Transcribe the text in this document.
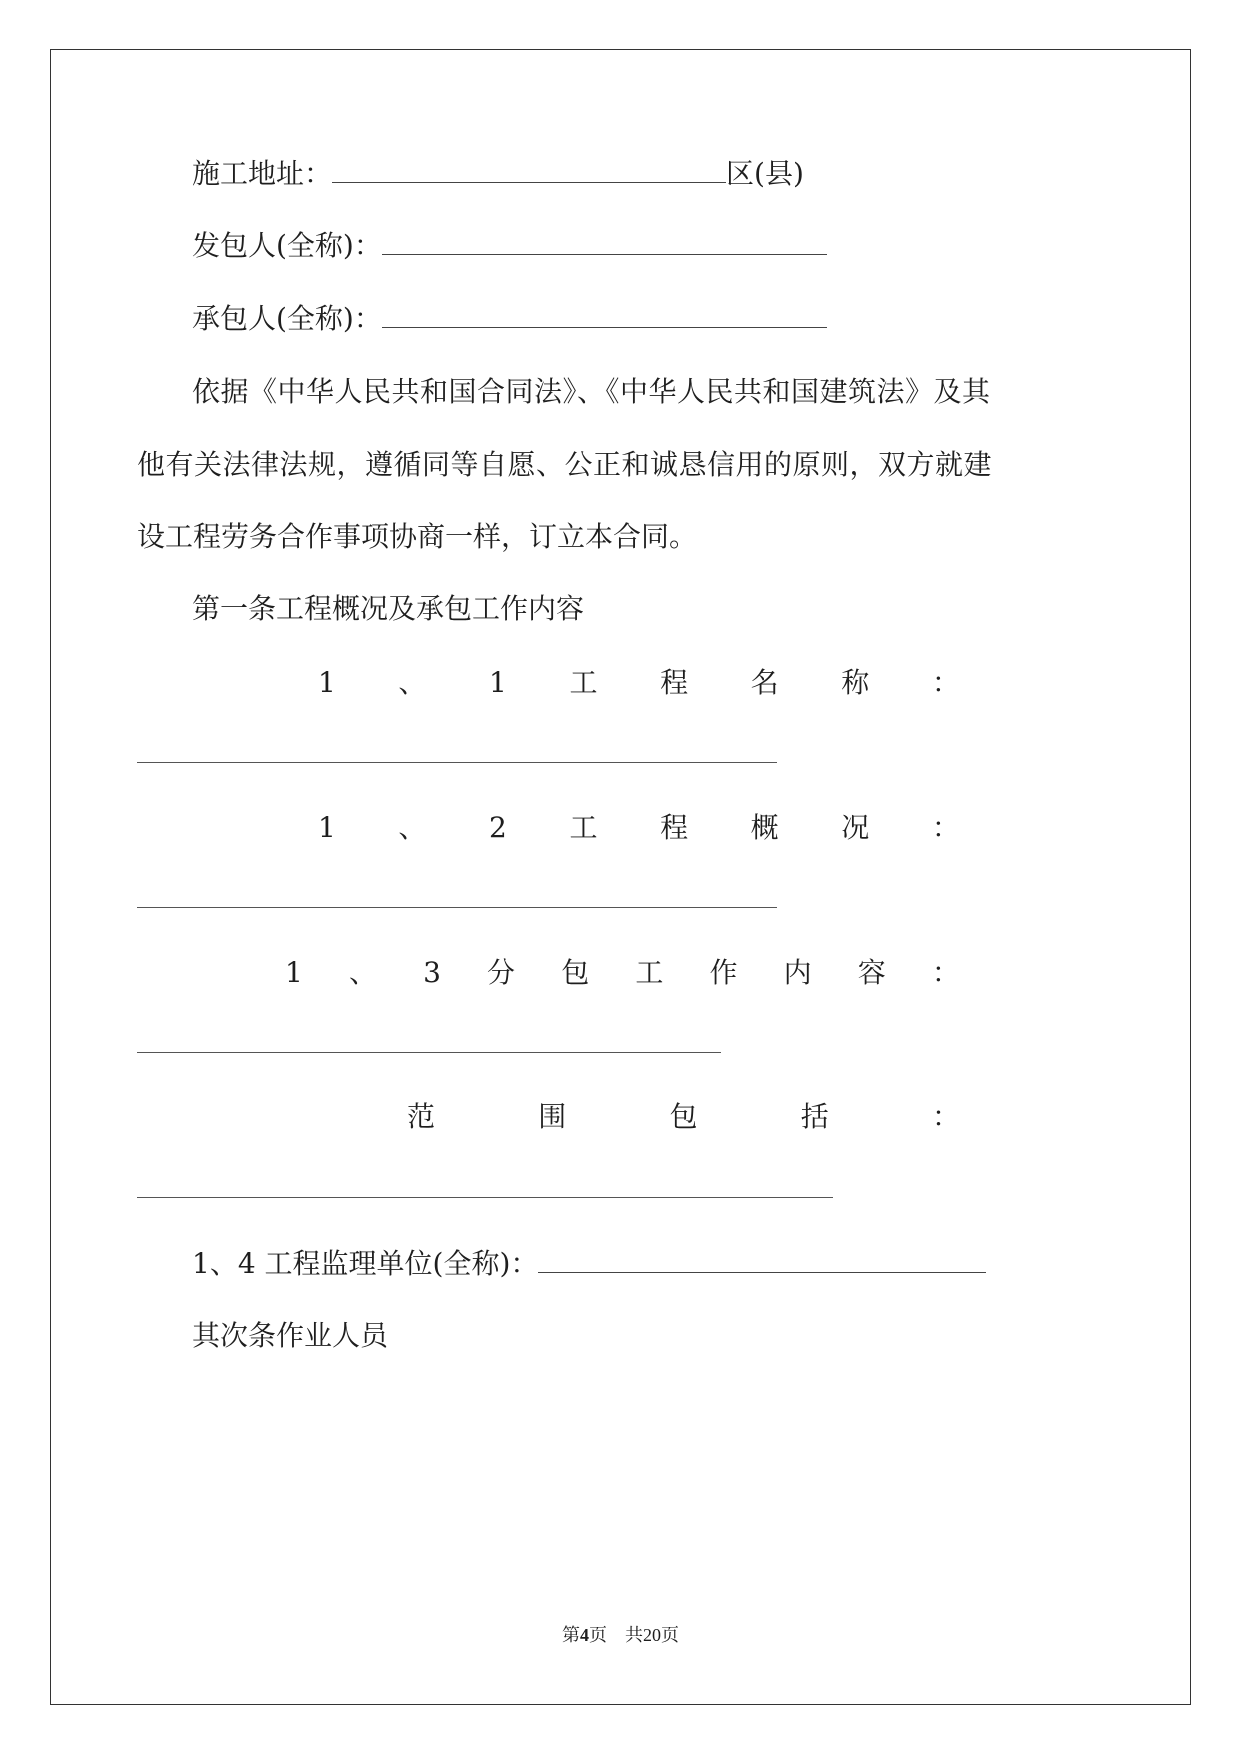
施工地址：	区(县)
发包人(全称)：
承包人(全称)：
依据《中华人民共和国合同法》、《中华人民共和国建筑法》及其
他有关法律法规，遵循同等自愿、公正和诚恳信用的原则，双方就建
设工程劳务合作事项协商一样，订立本合同。
第一条工程概况及承包工作内容
1 、 1 工 程 名 称 ：
1 、 2 工 程 概 况 ：
1 、 3 分 包 工 作 内 容 ：
范	围	包	括	：
1、4 工程监理单位(全称)：
其次条作业人员
第4页 共20页
